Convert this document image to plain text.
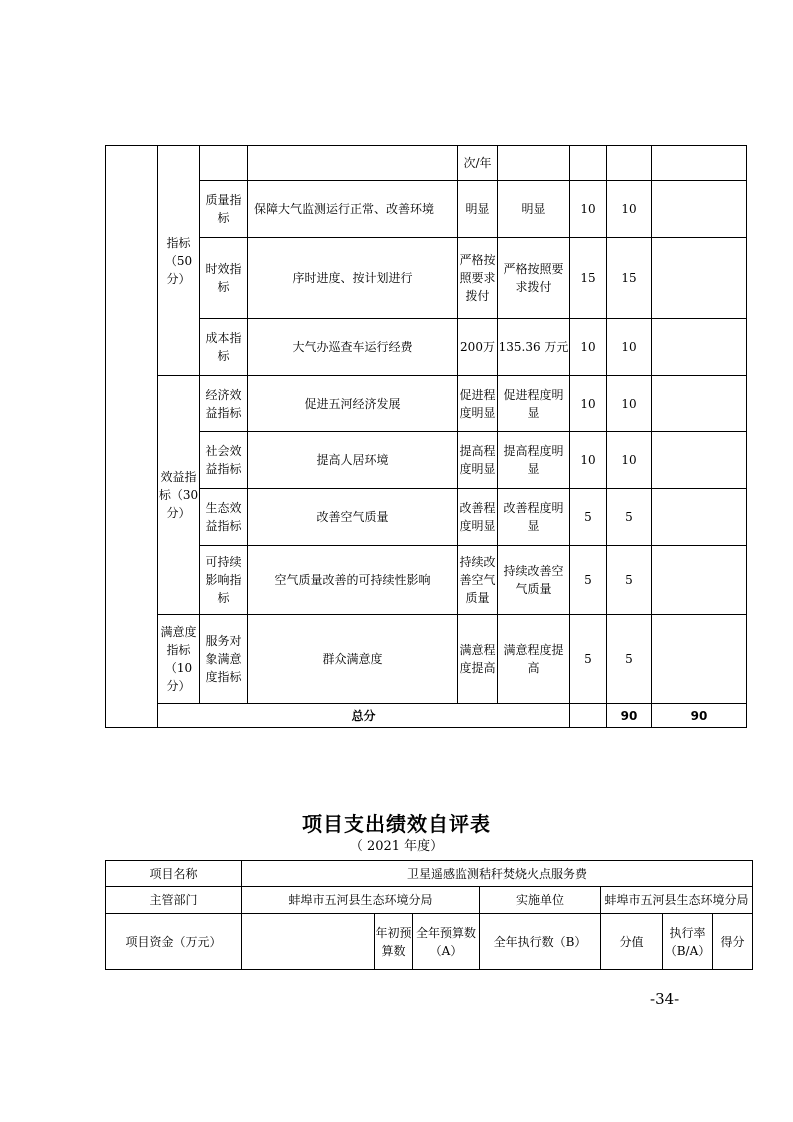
	指标（50分）			次/年					
		质量指标	保障大气监测运行正常、改善环境	明显	明显	10	10		
		时效指标	序时进度、按计划进行	严格按照要求拨付	严格按照要求拨付	15	15		
		成本指标	大气办巡查车运行经费	200万	135.36 万元	10	10		
	效益指标（30分）	经济效益指标	促进五河经济发展	促进程度明显	促进程度明显	10	10		
		社会效益指标	提高人居环境	提高程度明显	提高程度明显	10	10		
		生态效益指标	改善空气质量	改善程度明显	改善程度明显	5	5		
		可持续影响指标	空气质量改善的可持续性影响	持续改善空气质量	持续改善空气质量	5	5		
	满意度指标（10分）	服务对象满意度指标	群众满意度	满意程度提高	满意程度提高	5	5		
	总分						90	90	
项目支出绩效自评表
（ 2021 年度）
项目名称	卫星遥感监测秸秆焚烧火点服务费						
主管部门	蚌埠市五河县生态环境分局			实施单位	蚌埠市五河县生态环境分局		
项目资金（万元）		年初预算数	全年预算数（A）	全年执行数（B）	分值	执行率（B/A）	得分
-34-
